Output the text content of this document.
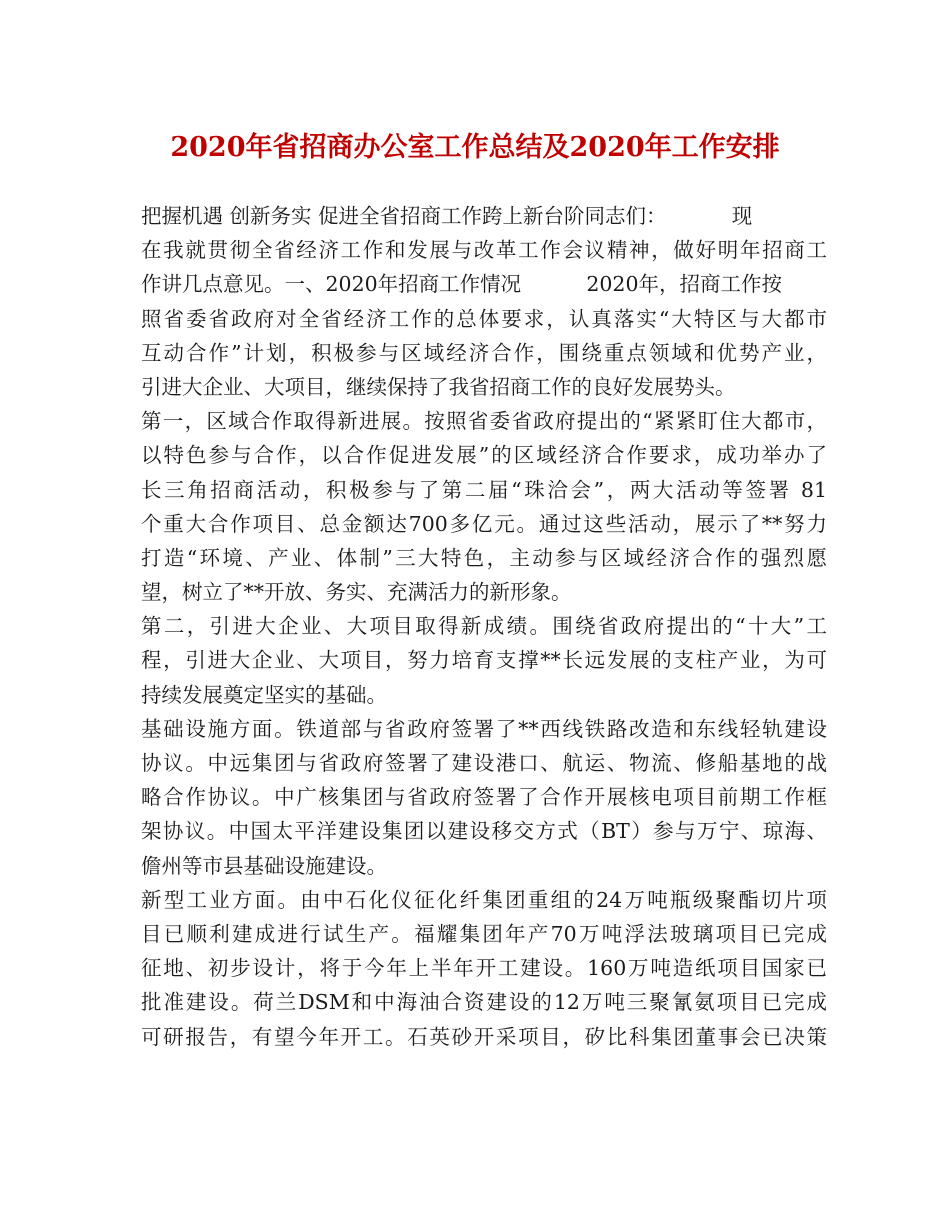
2020年省招商办公室工作总结及2020年工作安排
把握机遇 创新务实 促进全省招商工作跨上新台阶同志们：          现
在我就贯彻全省经济工作和发展与改革工作会议精神，做好明年招商工
作讲几点意见。一、2020年招商工作情况          2020年，招商工作按
照省委省政府对全省经济工作的总体要求，认真落实“大特区与大都市
互动合作”计划，积极参与区域经济合作，围绕重点领域和优势产业，
引进大企业、大项目，继续保持了我省招商工作的良好发展势头。
第一，区域合作取得新进展。按照省委省政府提出的“紧紧盯住大都市，
以特色参与合作，以合作促进发展”的区域经济合作要求，成功举办了
长三角招商活动，积极参与了第二届“珠洽会”，两大活动等签署 81
个重大合作项目、总金额达700多亿元。通过这些活动，展示了**努力
打造“环境、产业、体制”三大特色，主动参与区域经济合作的强烈愿
望，树立了**开放、务实、充满活力的新形象。
第二，引进大企业、大项目取得新成绩。围绕省政府提出的“十大”工
程，引进大企业、大项目，努力培育支撑**长远发展的支柱产业，为可
持续发展奠定坚实的基础。
基础设施方面。铁道部与省政府签署了**西线铁路改造和东线轻轨建设
协议。中远集团与省政府签署了建设港口、航运、物流、修船基地的战
略合作协议。中广核集团与省政府签署了合作开展核电项目前期工作框
架协议。中国太平洋建设集团以建设移交方式（BT）参与万宁、琼海、
儋州等市县基础设施建设。
新型工业方面。由中石化仪征化纤集团重组的24万吨瓶级聚酯切片项
目已顺利建成进行试生产。福耀集团年产70万吨浮法玻璃项目已完成
征地、初步设计，将于今年上半年开工建设。160万吨造纸项目国家已
批准建设。荷兰DSM和中海油合资建设的12万吨三聚氰氨项目已完成
可研报告，有望今年开工。石英砂开采项目，矽比科集团董事会已决策
